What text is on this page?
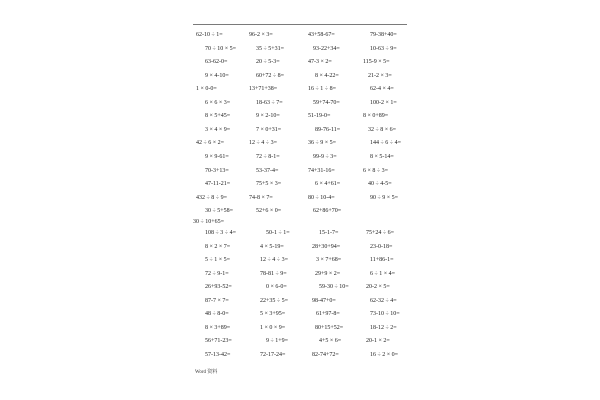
62-10 ÷ 1=	96-2 × 3=	43+58-67=	79-38+40=
70 ÷ 10 × 5=	35 ÷ 5+31=	93-22+34=	10-63 ÷ 9=
63-62-0=	20 ÷ 5-3=	47-3 × 2=	115-9 × 5=
9 × 4-10=	60+72 ÷ 8=	8 × 4-22=	21-2 × 3=
1 × 0-0=	13+71+38=	16 ÷ 1 ÷ 8=	62-4 × 4=
6 × 6 × 3=	18-63 ÷ 7=	59+74-70=	100-2 × 1=
8 × 5+45=	9 × 2-10=	51-19-0=	8 × 0+89=
3 × 4 × 9=	7 × 0+31=	89-76-11=	32 ÷ 8 × 6=
42 ÷ 6 × 2=	12 ÷ 4 ÷ 3=	36 ÷ 9 × 5=	144 ÷ 6 ÷ 4=
9 × 9-61=	72 ÷ 8-1=	99-9 ÷ 3=	8 × 5-14=
70-3+13=	53-37-4=	74+31-16=	6 × 8 ÷ 3=
47-11-21=	75+5 × 3=	6 × 4+61=	40 ÷ 4-5=
432 ÷ 8 ÷ 9=	74-8 × 7=	80 ÷ 10-4=	90 ÷ 9 × 5=
30 ÷ 5+58=	52+6 × 0=	62+86+70=
30 ÷ 10+65=
108 ÷ 3 ÷ 4=	50-1 ÷ 1=	15-1-7=	75+24 ÷ 6=
8 × 2 × 7=	4 × 5-19=	28+30+94=	23-0-18=
5 ÷ 1 × 5=	12 ÷ 4 ÷ 3=	3 × 7+68=	11+86-1=
72 ÷ 9-1=	78-81 ÷ 9=	29+9 × 2=	6 ÷ 1 × 4=
26+93-52=	0 × 6-0=	59-30 ÷ 10=	20-2 × 5=
87-7 × 7=	22+35 ÷ 5=	98-47+0=	62-32 ÷ 4=
48 ÷ 8-0=	5 × 3+95=	61+97-8=	73-10 ÷ 10=
8 × 3+89=	1 × 0 × 9=	80+15+52=	18-12 ÷ 2=
56+71-23=	9 ÷ 1+9=	4+5 × 6=	20-1 × 2=
57-13-42=	72-17-24=	82-74+72=	16 ÷ 2 × 0=
Word 资料
